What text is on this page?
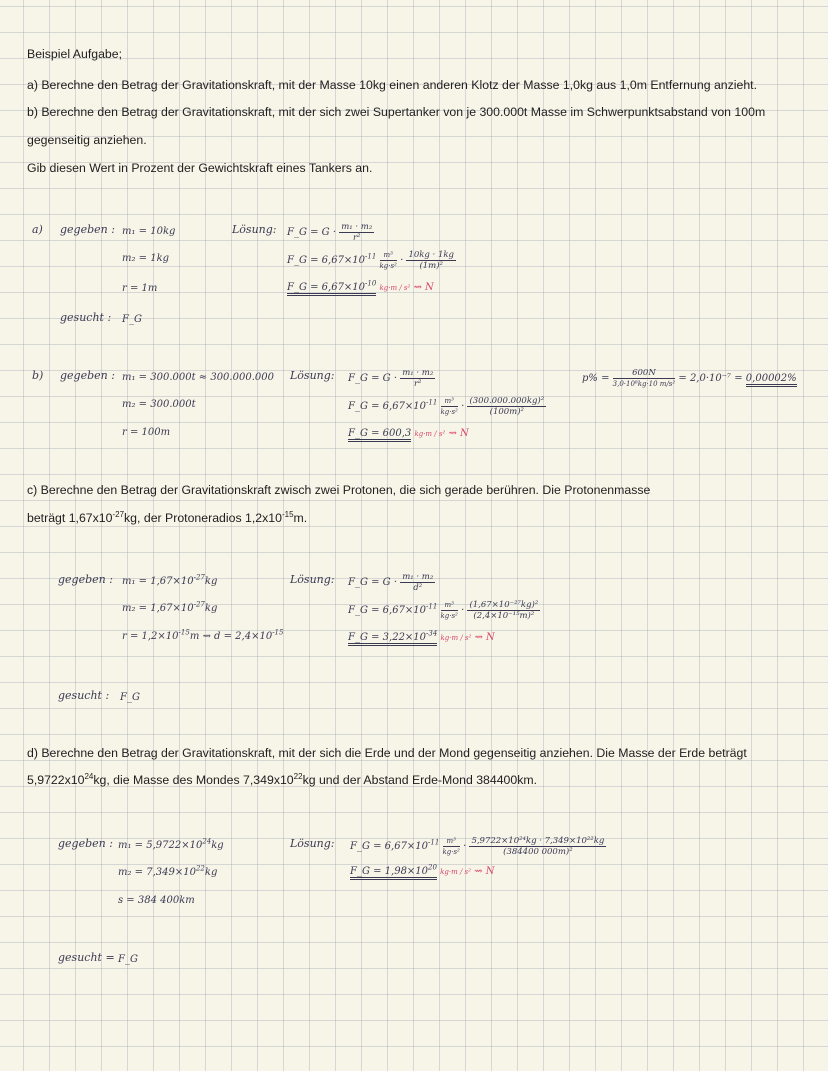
Beispiel Aufgabe;
a) Berechne den Betrag der Gravitationskraft, mit der Masse 10kg einen anderen Klotz der Masse 1,0kg aus 1,0m Entfernung anzieht.
b) Berechne den Betrag der Gravitationskraft, mit der sich zwei Supertanker von je 300.000t Masse im Schwerpunktsabstand von 100m
gegenseitig anziehen.
Gib diesen Wert in Prozent der Gewichtskraft eines Tankers an.
c) Berechne den Betrag der Gravitationskraft zwisch zwei Protonen, die sich gerade berühren. Die Protonenmasse
beträgt $1,67x10^{-27}kg$, der Protoneradios $1,2x10^{-15}m$.
d) Berechne den Betrag der Gravitationskraft, mit der sich die Erde und der Mond gegenseitig anziehen. Die Masse der Erde beträgt
$5,9722x10^{24}kg$, die Masse des Mondes $7,349x10^{22}kg$ und der Abstand Erde-Mond 384400km.
a) gegeben : m₁ = 10kg
m₂ = 1kg
r = 1m
gesucht : F_G
Lösung: F_G = $G \cdot \frac{\text{m₁ · m₂}}{\text{r²}}$
F_G = $6,67\times 10^{-11} \frac{\text{m³}}{\text{kg·s²}} \cdot \frac{10kg \cdot 1kg}{\text{(1m)²}}$
F_G = $6,67\times 10^{-10}$ kg·m / s² ⇝ N
b) gegeben : m₁ = 300.000t ≈ 300.000.000
m₂ = 300.000t
r = 100m
Lösung: F_G = $G \cdot \frac{\text{m₁ · m₂}}{\text{r²}}$
F_G = $6,67\times 10^{-11} \frac{\text{m³}}{\text{kg·s²}} \cdot \frac{\text{(300.000.000kg)²}}{\text{(100m)²}}$
F_G = 600,3 kg·m / s² ⇝ N
$p\% = \frac{600N}{\text{3,0·10⁸kg·10 m/s²}} = 2,0\cdot 10^{-7} = 0,00002\%$
gegeben : $m_1 = 1,67\times 10^{-27}kg$
$m_2 = 1,67\times 10^{-27}kg$
$r = 1,2\times 10^{-15}m$ ⇝ $d = 2,4\times 10^{-15}$
gesucht : F_G
Lösung: F_G = $G \cdot \frac{\text{m₁ · m₂}}{\text{d²}}$
F_G = $6,67\times 10^{-11} \frac{\text{m³}}{\text{kg·s²}} \cdot \frac{\text{(1,67×10⁻²⁷kg)²}}{\text{(2,4×10⁻¹⁵m)²}}$
F_G = $3,22\times 10^{-34}$ kg·m / s² ⇝ N
gegeben : $m_1 = 5,9722\times 10^{24}kg$
$m_2 = 7,349\times 10^{22}kg$
s = 384 400km
gesucht = F_G
Lösung: F_G = $6,67\times 10^{-11} \frac{\text{m³}}{\text{kg·s²}} \cdot \frac{\text{5,9722×10²⁴kg · 7,349×10²²kg}}{\text{(384400 000m)²}}$
F_G = $1,98\times 10^{20}$ kg·m / s² ⇝ N
